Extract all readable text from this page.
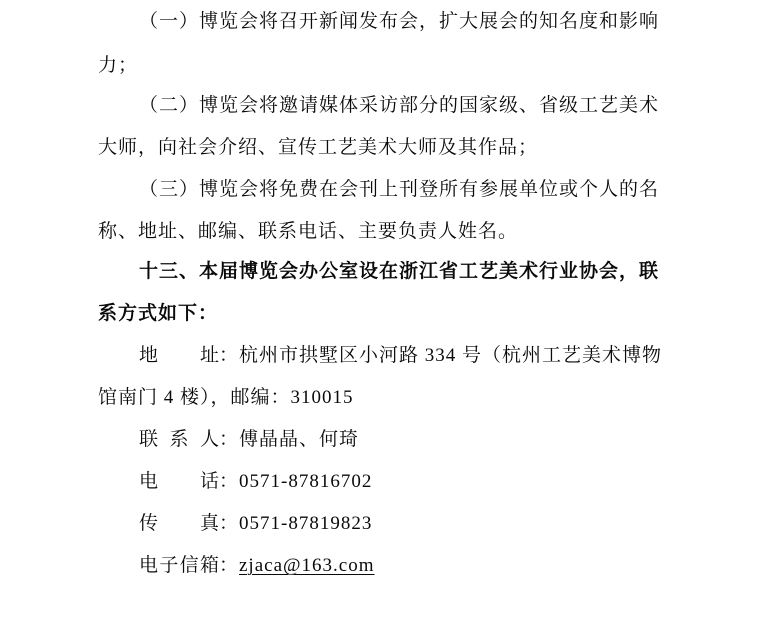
（一）博览会将召开新闻发布会，扩大展会的知名度和影响
力；
（二）博览会将邀请媒体采访部分的国家级、省级工艺美术
大师，向社会介绍、宣传工艺美术大师及其作品；
（三）博览会将免费在会刊上刊登所有参展单位或个人的名
称、地址、邮编、联系电话、主要负责人姓名。
十三、本届博览会办公室设在浙江省工艺美术行业协会，联
系方式如下：
地址 ： 杭州市拱墅区小河路 334 号（杭州工艺美术博物
馆南门 4 楼），邮编：310015
联系人 ： 傅晶晶、何琦
电话 ： 0571-87816702
传真 ： 0571-87819823
电子信箱 ： zjaca@163.com
